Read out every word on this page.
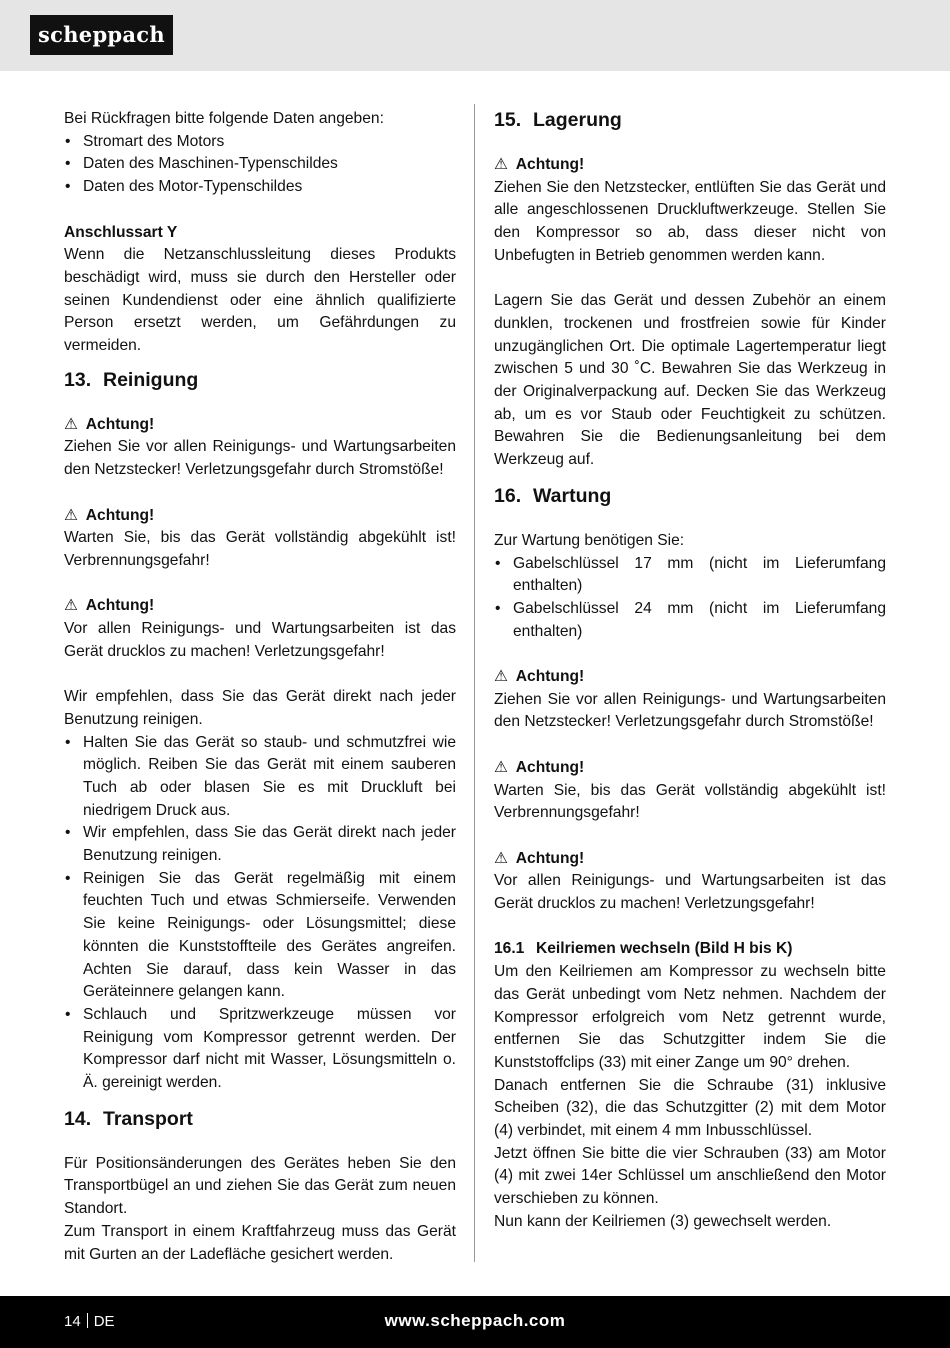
scheppach

Bei Rückfragen bitte folgende Daten angeben:

• Stromart des Motors
• Daten des Maschinen-Typenschildes
• Daten des Motor-Typenschildes

Anschlussart Y

Wenn die Netzanschlussleitung dieses Produkts beschädigt wird, muss sie durch den Hersteller oder seinen Kundendienst oder eine ähnlich qualifizierte Person ersetzt werden, um Gefährdungen zu vermeiden.

13. Reinigung

⚠ Achtung!

Ziehen Sie vor allen Reinigungs- und Wartungsarbeiten den Netzstecker! Verletzungsgefahr durch Stromstöße!

⚠ Achtung!

Warten Sie, bis das Gerät vollständig abgekühlt ist! Verbrennungsgefahr!

⚠ Achtung!

Vor allen Reinigungs- und Wartungsarbeiten ist das Gerät drucklos zu machen! Verletzungsgefahr!

Wir empfehlen, dass Sie das Gerät direkt nach jeder Benutzung reinigen.

• Halten Sie das Gerät so staub- und schmutzfrei wie möglich. Reiben Sie das Gerät mit einem sauberen Tuch ab oder blasen Sie es mit Druckluft bei niedrigem Druck aus.
• Wir empfehlen, dass Sie das Gerät direkt nach jeder Benutzung reinigen.
• Reinigen Sie das Gerät regelmäßig mit einem feuchten Tuch und etwas Schmierseife. Verwenden Sie keine Reinigungs- oder Lösungsmittel; diese könnten die Kunststoffteile des Gerätes angreifen. Achten Sie darauf, dass kein Wasser in das Geräteinnere gelangen kann.
• Schlauch und Spritzwerkzeuge müssen vor Reinigung vom Kompressor getrennt werden. Der Kompressor darf nicht mit Wasser, Lösungsmitteln o. Ä. gereinigt werden.
14. Transport

Für Positionsänderungen des Gerätes heben Sie den Transportbügel an und ziehen Sie das Gerät zum neuen Standort.

Zum Transport in einem Kraftfahrzeug muss das Gerät mit Gurten an der Ladefläche gesichert werden.

15. Lagerung

⚠ Achtung!

Ziehen Sie den Netzstecker, entlüften Sie das Gerät und alle angeschlossenen Druckluftwerkzeuge. Stellen Sie den Kompressor so ab, dass dieser nicht von Unbefugten in Betrieb genommen werden kann.

Lagern Sie das Gerät und dessen Zubehör an einem dunklen, trockenen und frostfreien sowie für Kinder unzugänglichen Ort. Die optimale Lagertemperatur liegt zwischen 5 und 30 ˚C. Bewahren Sie das Werkzeug in der Originalverpackung auf. Decken Sie das Werkzeug ab, um es vor Staub oder Feuchtigkeit zu schützen. Bewahren Sie die Bedienungsanleitung bei dem Werkzeug auf.

16. Wartung

Zur Wartung benötigen Sie:

• Gabelschlüssel 17 mm (nicht im Lieferumfang enthalten)
• Gabelschlüssel 24 mm (nicht im Lieferumfang enthalten)

⚠ Achtung!

Ziehen Sie vor allen Reinigungs- und Wartungsarbeiten den Netzstecker! Verletzungsgefahr durch Stromstöße!

⚠ Achtung!

Warten Sie, bis das Gerät vollständig abgekühlt ist! Verbrennungsgefahr!

⚠ Achtung!

Vor allen Reinigungs- und Wartungsarbeiten ist das Gerät drucklos zu machen! Verletzungsgefahr!

16.1 Keilriemen wechseln (Bild H bis K)

Um den Keilriemen am Kompressor zu wechseln bitte das Gerät unbedingt vom Netz nehmen. Nachdem der Kompressor erfolgreich vom Netz getrennt wurde, entfernen Sie das Schutzgitter indem Sie die Kunststoffclips (33) mit einer Zange um 90° drehen.

Danach entfernen Sie die Schraube (31) inklusive Scheiben (32), die das Schutzgitter (2) mit dem Motor (4) verbindet, mit einem 4 mm Inbusschlüssel.

Jetzt öffnen Sie bitte die vier Schrauben (33) am Motor (4) mit zwei 14er Schlüssel um anschließend den Motor verschieben zu können.

Nun kann der Keilriemen (3) gewechselt werden.

14 DE	www.scheppach.com
